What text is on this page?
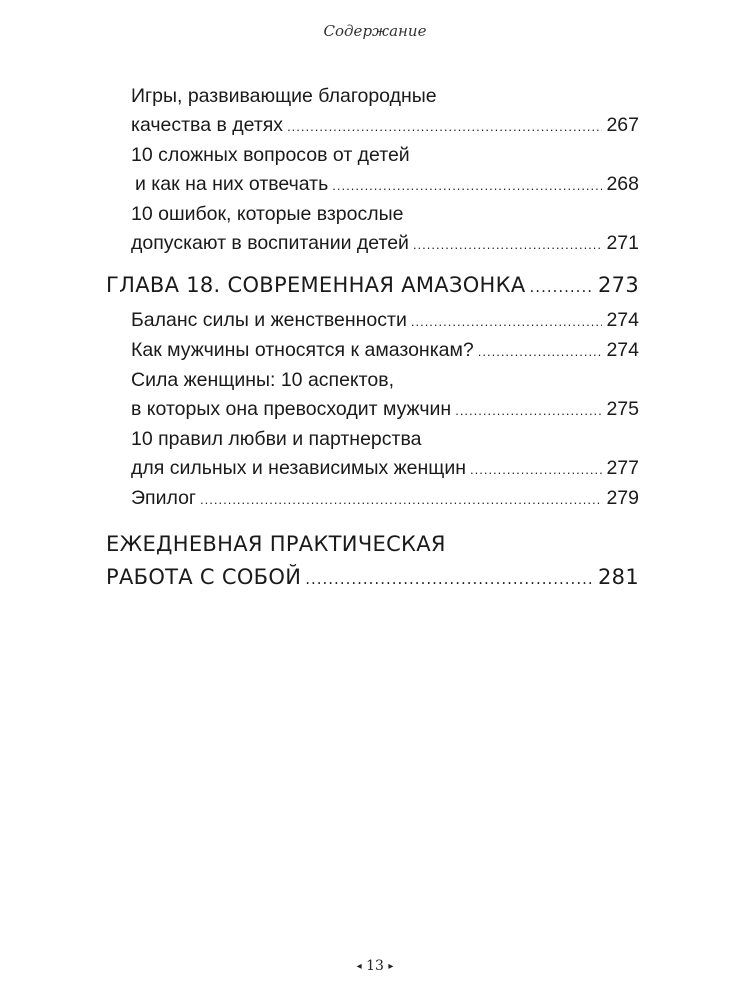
Содержание
Игры, развивающие благородные
качества в детях .....	267
10 сложных вопросов от детей
и как на них отвечать .....	268
10 ошибок, которые взрослые
допускают в воспитании детей .....	271
ГЛАВА 18. СОВРЕМЕННАЯ АМАЗОНКА .....	273
Баланс силы и женственности .....	274
Как мужчины относятся к амазонкам? .....	274
Сила женщины: 10 аспектов,
в которых она превосходит мужчин .....	275
10 правил любви и партнерства
для сильных и независимых женщин .....	277
Эпилог .....	279
ЕЖЕДНЕВНАЯ ПРАКТИЧЕСКАЯ
РАБОТА С СОБОЙ .....	281
◂ 13 ▸
